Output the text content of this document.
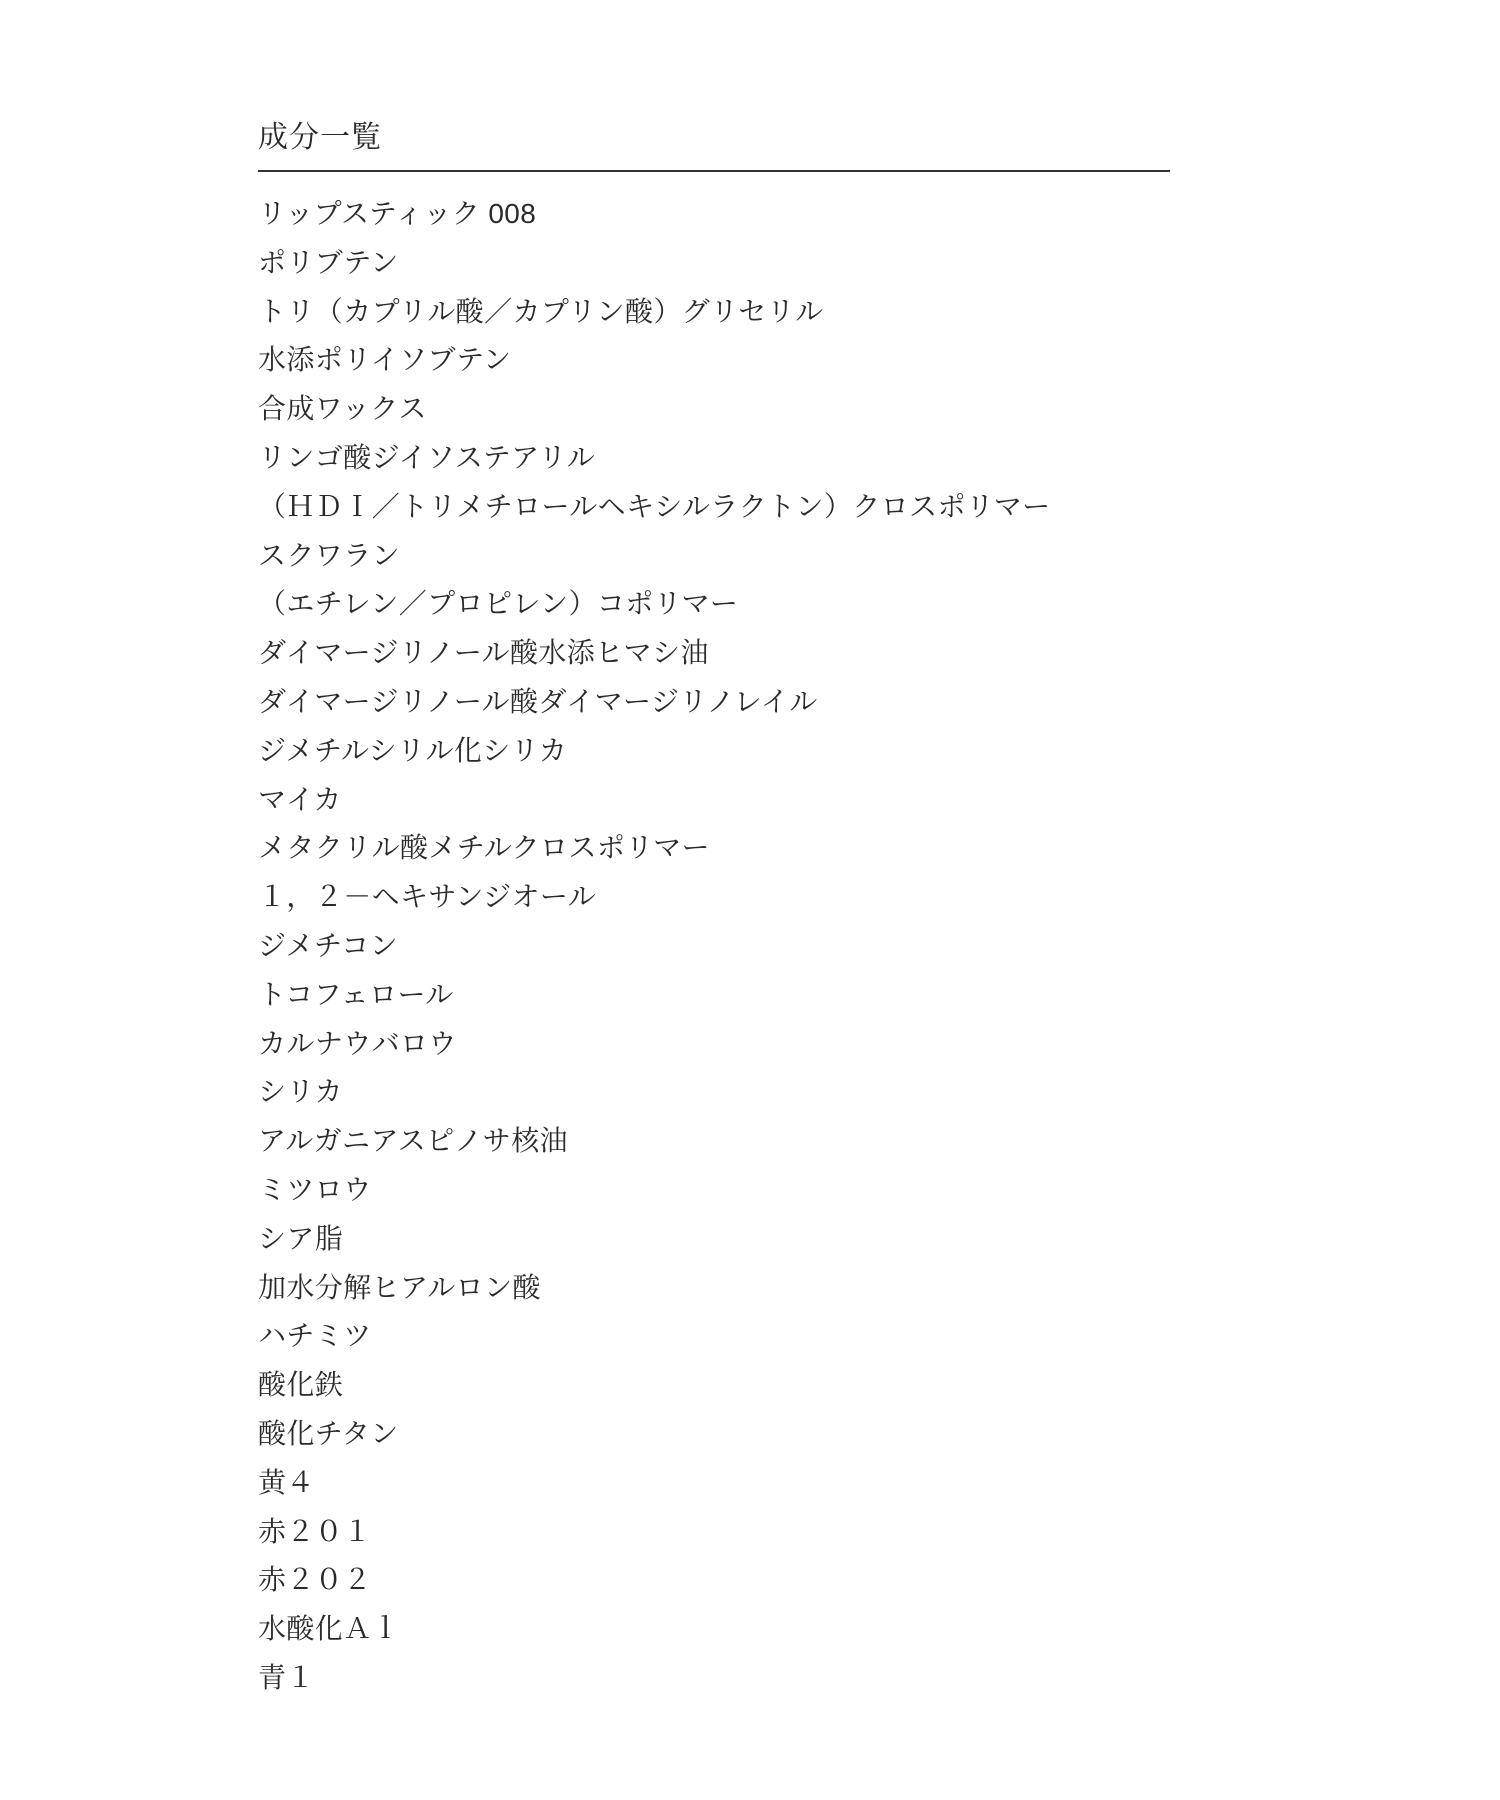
成分一覧
リップスティック 008
ポリブテン
トリ（カプリル酸／カプリン酸）グリセリル
水添ポリイソブテン
合成ワックス
リンゴ酸ジイソステアリル
（ＨＤＩ／トリメチロールヘキシルラクトン）クロスポリマー
スクワラン
（エチレン／プロピレン）コポリマー
ダイマージリノール酸水添ヒマシ油
ダイマージリノール酸ダイマージリノレイル
ジメチルシリル化シリカ
マイカ
メタクリル酸メチルクロスポリマー
１，２－ヘキサンジオール
ジメチコン
トコフェロール
カルナウバロウ
シリカ
アルガニアスピノサ核油
ミツロウ
シア脂
加水分解ヒアルロン酸
ハチミツ
酸化鉄
酸化チタン
黄４
赤２０１
赤２０２
水酸化Ａｌ
青１
